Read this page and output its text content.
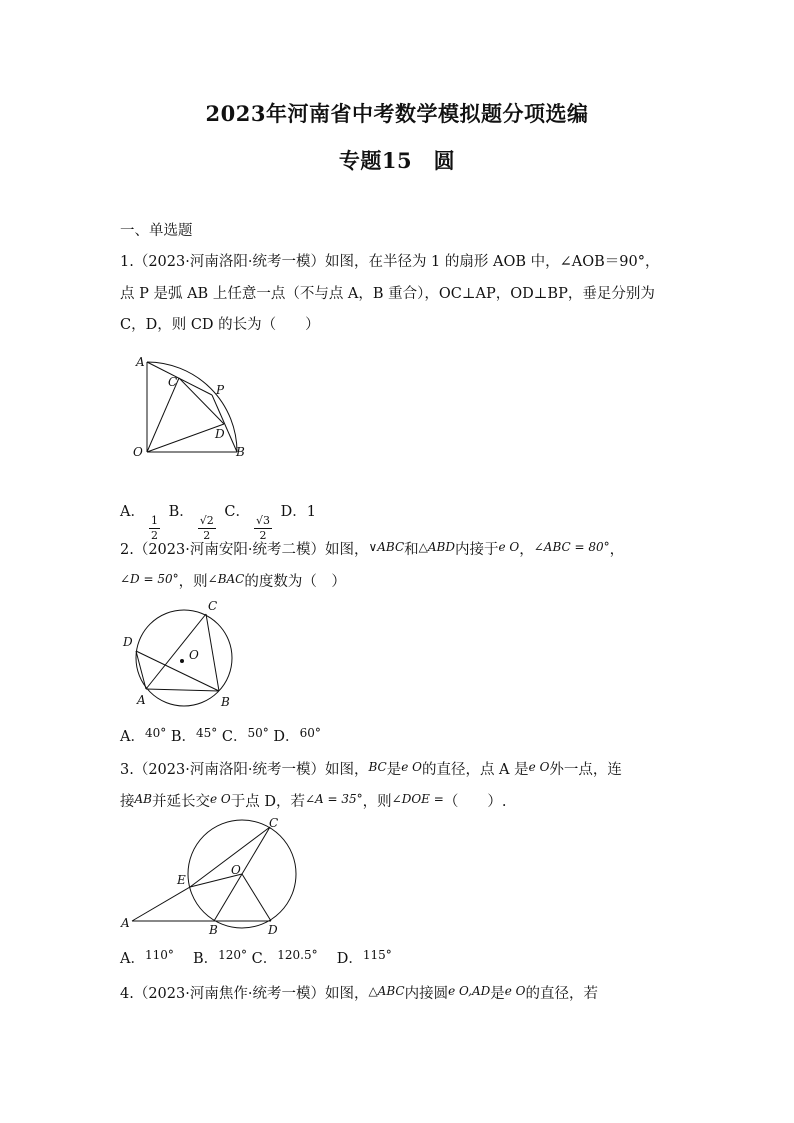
2023年河南省中考数学模拟题分项选编
专题15　圆
一、单选题
1.（2023·河南洛阳·统考一模）如图，在半径为 1 的扇形 AOB 中，∠AOB＝90°，
点 P 是弧 AB 上任意一点（不与点 A，B 重合），OC⊥AP，OD⊥BP，垂足分别为
C，D，则 CD 的长为（　　）
A
C
P
D
O	B
A．
$\frac{1}{2}$
B．
$\frac{√2}{2}$
C．
$\frac{√3}{2}$
D．1
2.（2023·河南安阳·统考二模）如图，$^{\vee ABC}$和$^{\triangle ABD}$内接于$^{e O}$，$^{\angle ABC = 80^\circ}$，
$^{\angle D = 50^\circ}$，则$^{\angle BAC}$的度数为（　）
C
D
O
A	B
A．$^{40^\circ}$ B．$^{45^\circ}$ C．$^{50^\circ}$ D．$^{60^\circ}$
3.（2023·河南洛阳·统考一模）如图，$^{BC}$是$^{e O}$的直径，点 A 是$^{e O}$外一点，连
接$^{AB}$并延长交$^{e O}$于点 D，若$^{\angle A = 35^\circ}$，则$^{\angle DOE =}$（　　）.
C
E
O
A	B	D
A．$^{110^\circ}$ 　B．$^{120^\circ}$ C．$^{120.5^\circ}$ 　D．$^{115^\circ}$
4.（2023·河南焦作·统考一模）如图，$^{\triangle ABC}$内接圆$^{e O,AD}$是$^{e O}$的直径，若
